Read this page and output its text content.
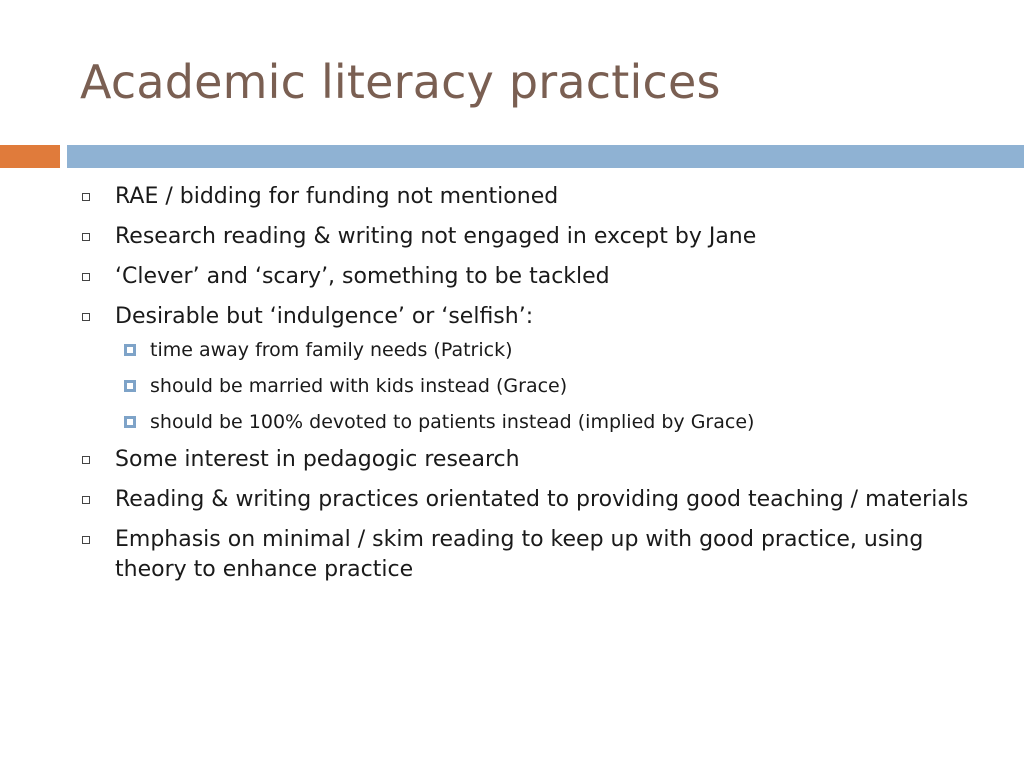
Academic literacy practices
RAE / bidding for funding not mentioned
Research reading & writing not engaged in except by Jane
‘Clever’ and ‘scary’, something to be tackled
Desirable but ‘indulgence’ or ‘selfish’:
time away from family needs (Patrick)
should be married with kids instead (Grace)
should be 100% devoted to patients instead (implied by Grace)
Some interest in pedagogic research
Reading & writing practices orientated to providing good teaching / materials
Emphasis on minimal / skim reading to keep up with good practice, using theory to enhance practice
